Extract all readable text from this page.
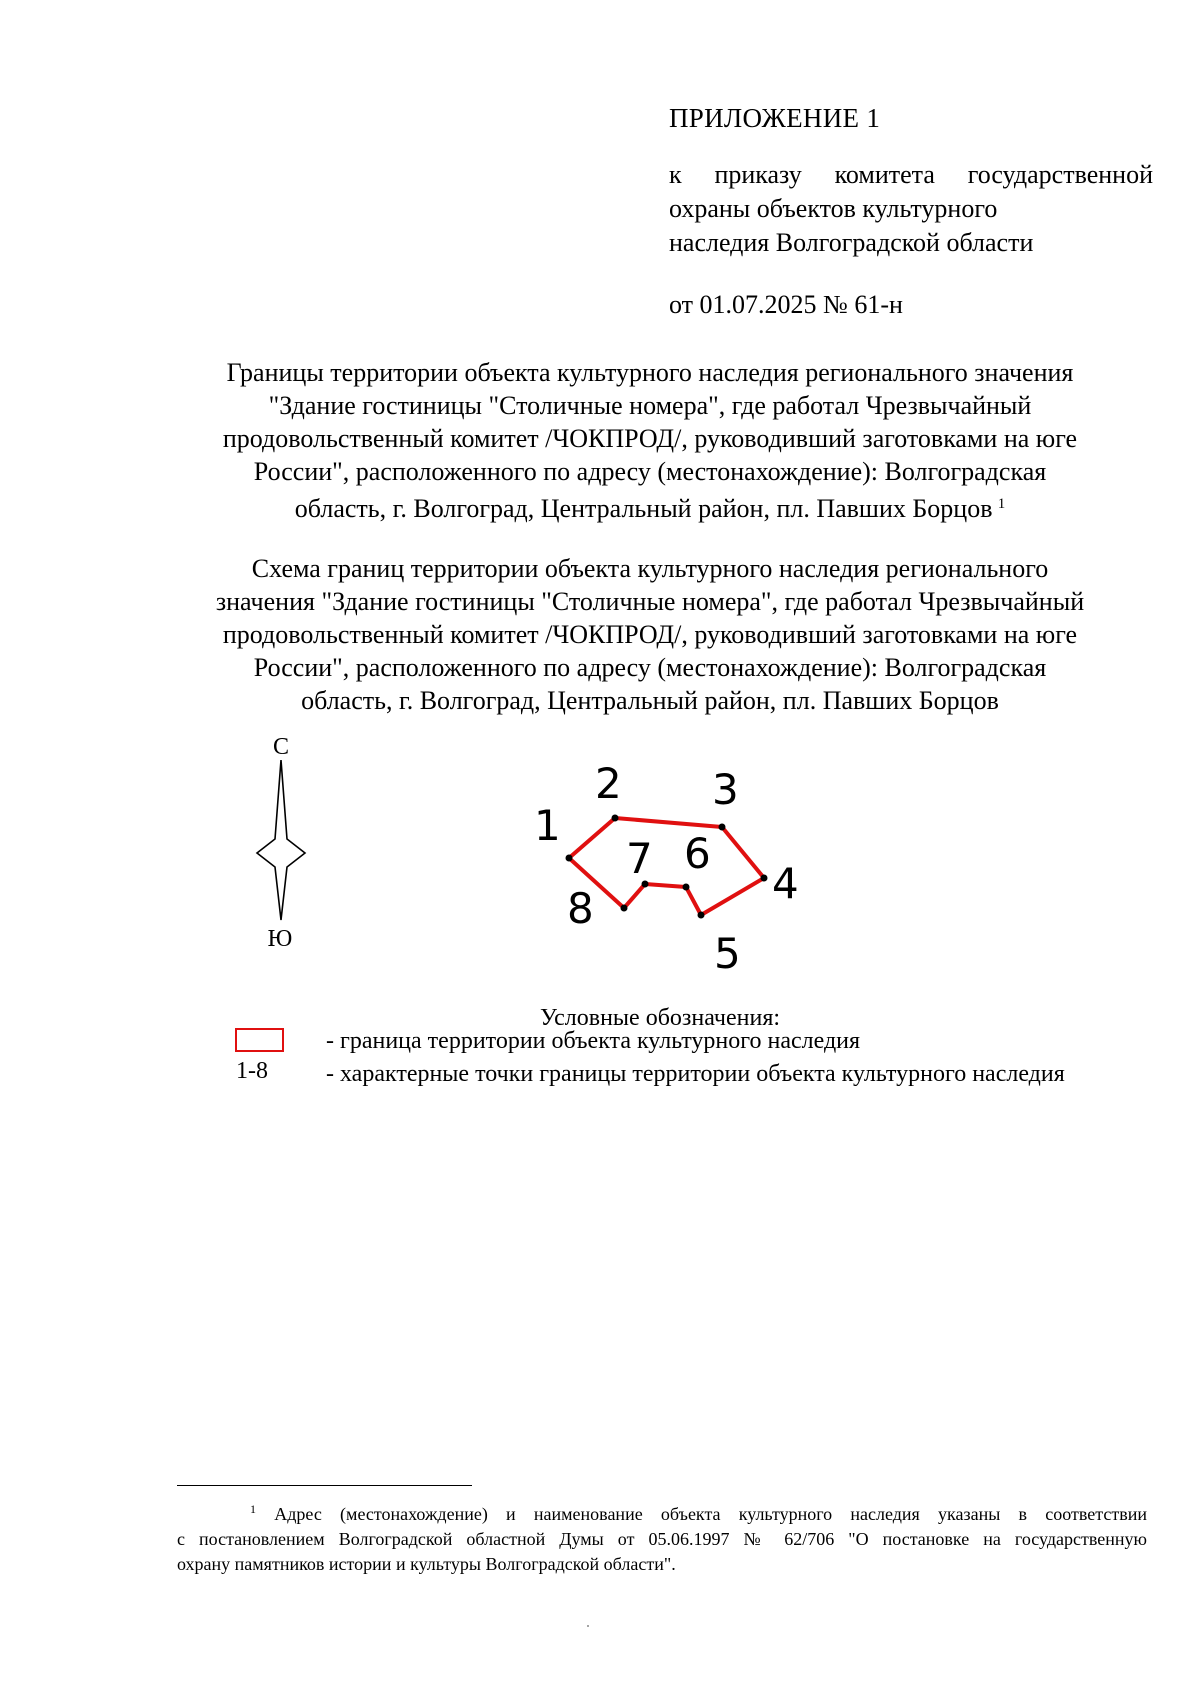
ПРИЛОЖЕНИЕ 1
к приказу комитета государственной
охраны объектов культурного
наследия Волгоградской области
от 01.07.2025 № 61-н
Границы территории объекта культурного наследия регионального значения
"Здание гостиницы "Столичные номера", где работал Чрезвычайный
продовольственный комитет /ЧОКПРОД/, руководивший заготовками на юге
России", расположенного по адресу (местонахождение): Волгоградская
область, г. Волгоград, Центральный район, пл. Павших Борцов  $^1$
Схема границ территории объекта культурного наследия регионального
значения "Здание гостиницы "Столичные номера", где работал Чрезвычайный
продовольственный комитет /ЧОКПРОД/, руководивший заготовками на юге
России", расположенного по адресу (местонахождение): Волгоградская
область, г. Волгоград, Центральный район, пл. Павших Борцов
С
Ю
1
2 3
4
5
6
7
8
Условные обозначения:
1-8
- граница территории объекта культурного наследия
- характерные точки границы территории объекта культурного наследия
$^1$ Адрес (местонахождение) и наименование объекта культурного наследия указаны в соответствии
с постановлением Волгоградской областной Думы от 05.06.1997 № 62/706 "О постановке на государственную
охрану памятников истории и культуры Волгоградской области".
